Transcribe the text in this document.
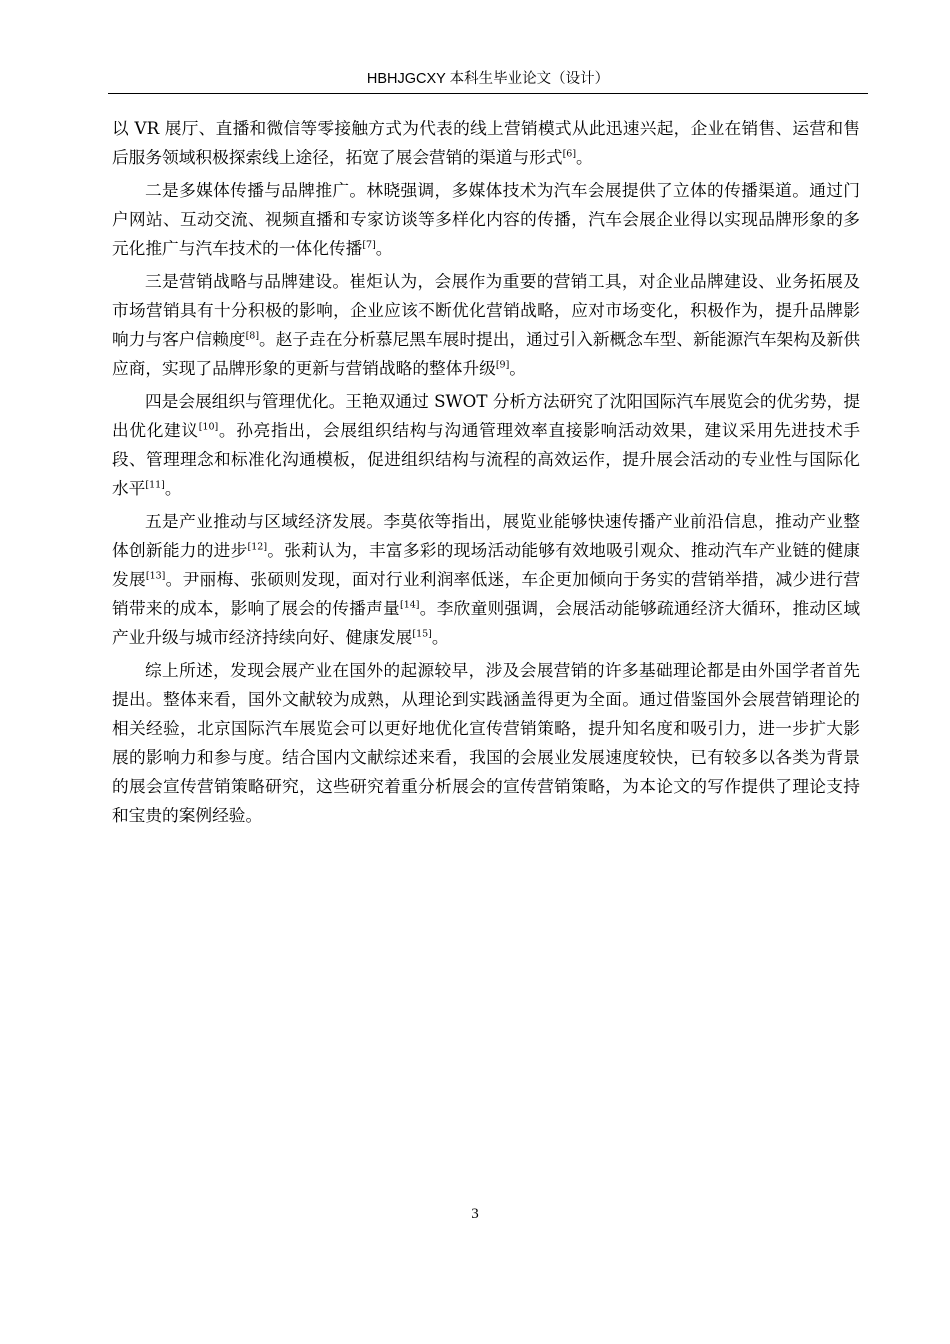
HBHJGCXY 本科生毕业论文（设计）

以 VR 展厅、直播和微信等零接触方式为代表的线上营销模式从此迅速兴起，企业在销售、运营和售后服务领域积极探索线上途径，拓宽了展会营销的渠道与形式[6]。

二是多媒体传播与品牌推广。林晓强调，多媒体技术为汽车会展提供了立体的传播渠道。通过门户网站、互动交流、视频直播和专家访谈等多样化内容的传播，汽车会展企业得以实现品牌形象的多元化推广与汽车技术的一体化传播[7]。

三是营销战略与品牌建设。崔炬认为，会展作为重要的营销工具，对企业品牌建设、业务拓展及市场营销具有十分积极的影响，企业应该不断优化营销战略，应对市场变化，积极作为，提升品牌影响力与客户信赖度[8]。赵子垚在分析慕尼黑车展时提出，通过引入新概念车型、新能源汽车架构及新供应商，实现了品牌形象的更新与营销战略的整体升级[9]。

四是会展组织与管理优化。王艳双通过 SWOT 分析方法研究了沈阳国际汽车展览会的优劣势，提出优化建议[10]。孙亮指出，会展组织结构与沟通管理效率直接影响活动效果，建议采用先进技术手段、管理理念和标准化沟通模板，促进组织结构与流程的高效运作，提升展会活动的专业性与国际化水平[11]。

五是产业推动与区域经济发展。李莫依等指出，展览业能够快速传播产业前沿信息，推动产业整体创新能力的进步[12]。张莉认为，丰富多彩的现场活动能够有效地吸引观众、推动汽车产业链的健康发展[13]。尹丽梅、张硕则发现，面对行业利润率低迷，车企更加倾向于务实的营销举措，减少进行营销带来的成本，影响了展会的传播声量[14]。李欣童则强调，会展活动能够疏通经济大循环，推动区域产业升级与城市经济持续向好、健康发展[15]。

综上所述，发现会展产业在国外的起源较早，涉及会展营销的许多基础理论都是由外国学者首先提出。整体来看，国外文献较为成熟，从理论到实践涵盖得更为全面。通过借鉴国外会展营销理论的相关经验，北京国际汽车展览会可以更好地优化宣传营销策略，提升知名度和吸引力，进一步扩大影展的影响力和参与度。结合国内文献综述来看，我国的会展业发展速度较快，已有较多以各类为背景的展会宣传营销策略研究，这些研究着重分析展会的宣传营销策略，为本论文的写作提供了理论支持和宝贵的案例经验。

3
